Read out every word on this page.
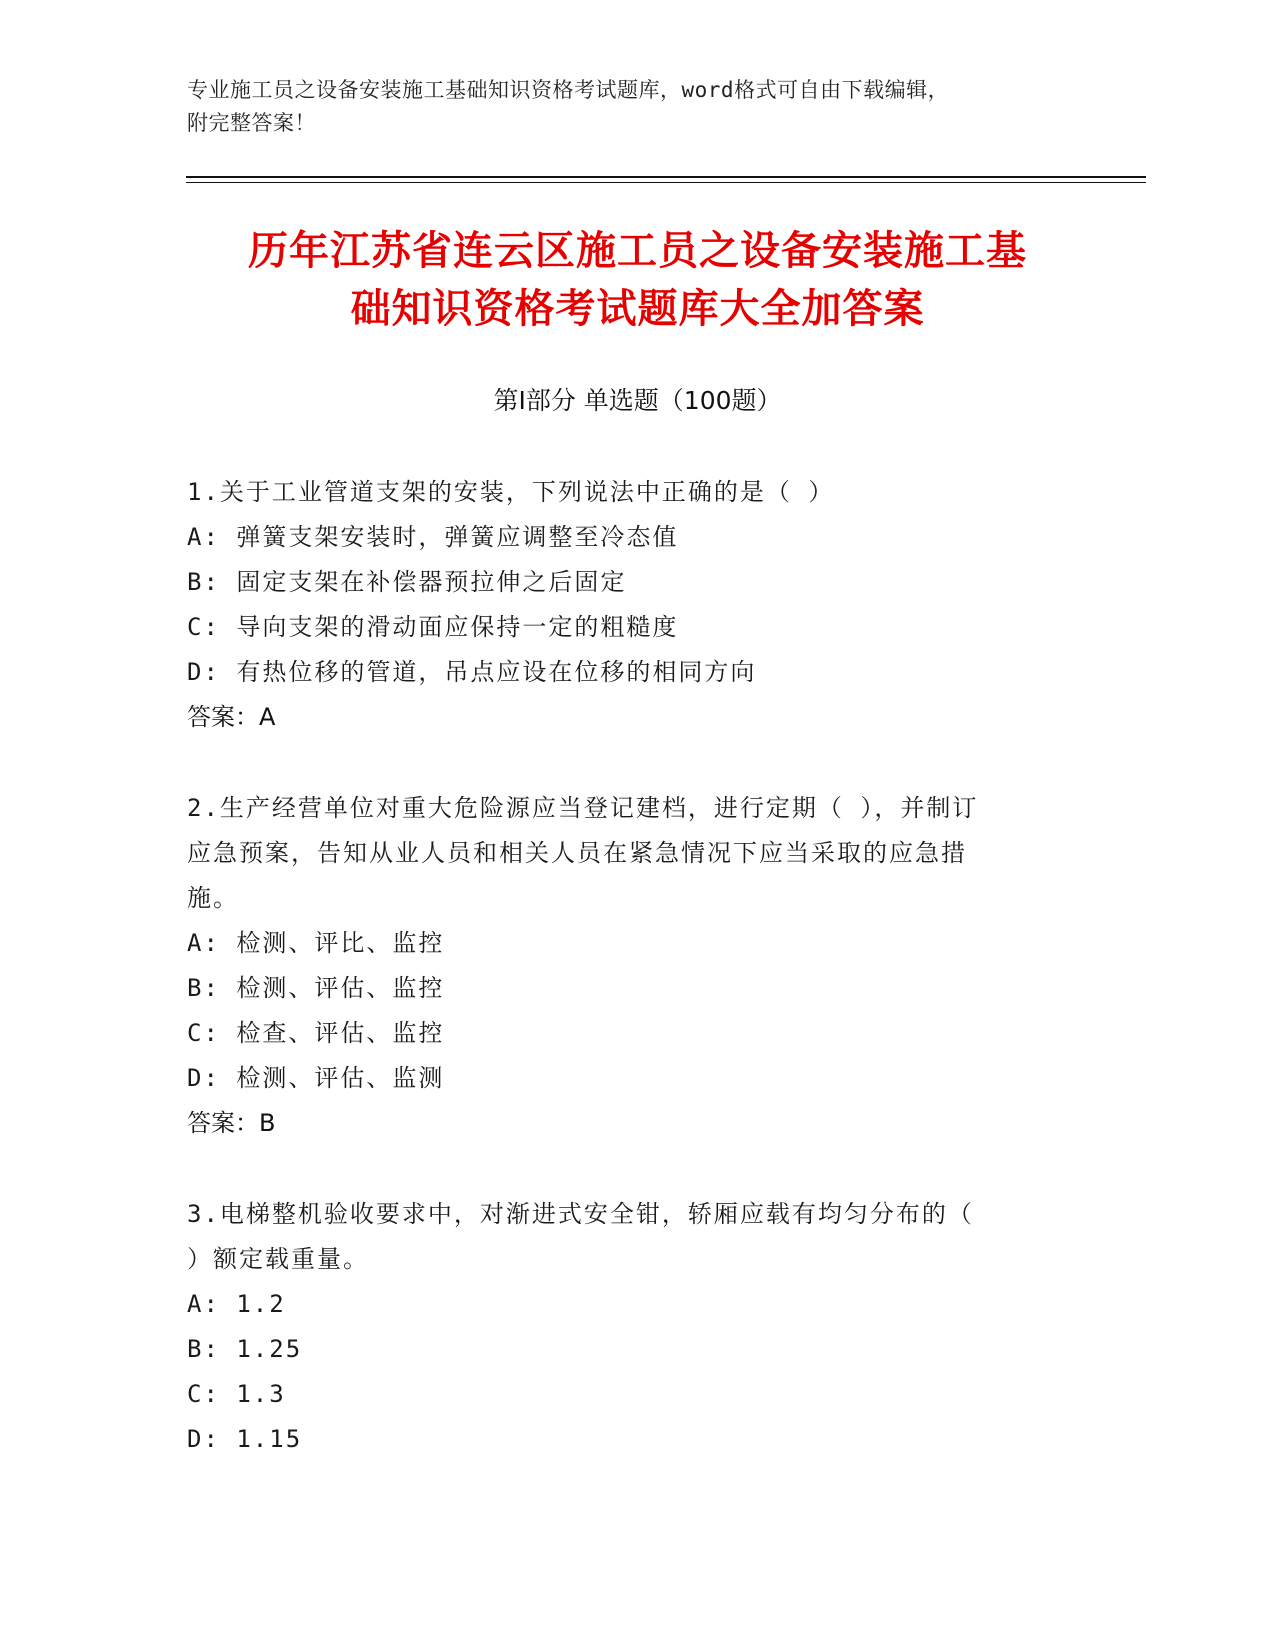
专业施工员之设备安装施工基础知识资格考试题库，word格式可自由下载编辑，
附完整答案！
历年江苏省连云区施工员之设备安装施工基
础知识资格考试题库大全加答案
第Ⅰ部分 单选题（100题）
1.关于工业管道支架的安装，下列说法中正确的是（ ）
A: 弹簧支架安装时，弹簧应调整至冷态值
B: 固定支架在补偿器预拉伸之后固定
C: 导向支架的滑动面应保持一定的粗糙度
D: 有热位移的管道，吊点应设在位移的相同方向
答案：A
2.生产经营单位对重大危险源应当登记建档，进行定期（ ），并制订
应急预案，告知从业人员和相关人员在紧急情况下应当采取的应急措
施。
A: 检测、评比、监控
B: 检测、评估、监控
C: 检查、评估、监控
D: 检测、评估、监测
答案：B
3.电梯整机验收要求中，对渐进式安全钳，轿厢应载有均匀分布的（
）额定载重量。
A: 1.2
B: 1.25
C: 1.3
D: 1.15
